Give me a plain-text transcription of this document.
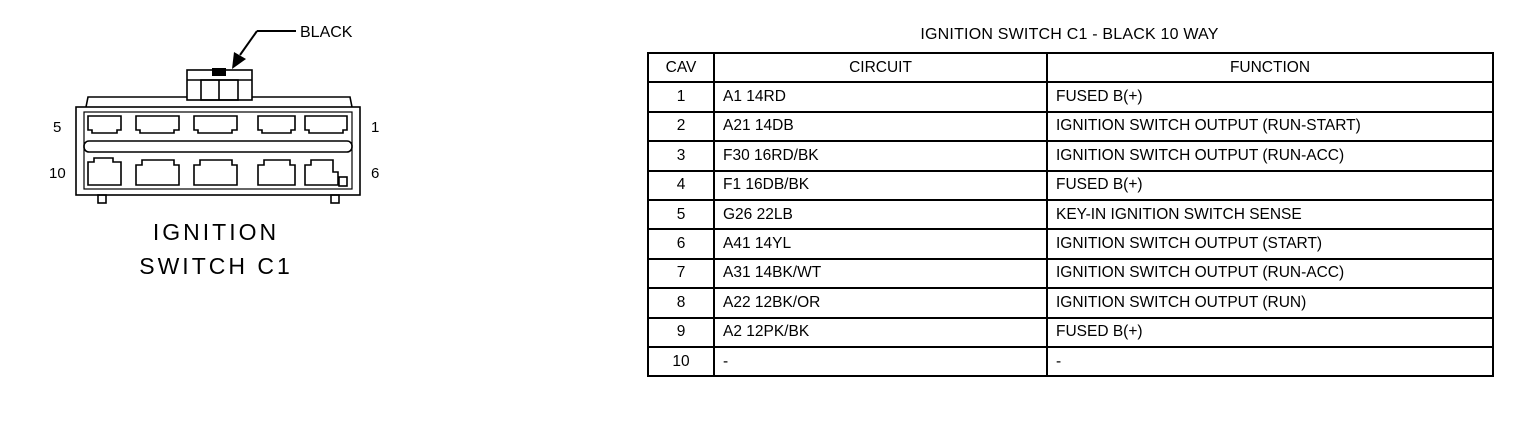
BLACK
5	1
10	6
IGNITION
SWITCH C1
IGNITION SWITCH C1 - BLACK 10 WAY
CAV	CIRCUIT	FUNCTION
1	A1 14RD	FUSED B(+)
2	A21 14DB	IGNITION SWITCH OUTPUT (RUN-START)
3	F30 16RD/BK	IGNITION SWITCH OUTPUT (RUN-ACC)
4	F1 16DB/BK	FUSED B(+)
5	G26 22LB	KEY-IN IGNITION SWITCH SENSE
6	A41 14YL	IGNITION SWITCH OUTPUT (START)
7	A31 14BK/WT	IGNITION SWITCH OUTPUT (RUN-ACC)
8	A22 12BK/OR	IGNITION SWITCH OUTPUT (RUN)
9	A2 12PK/BK	FUSED B(+)
10	-	-
